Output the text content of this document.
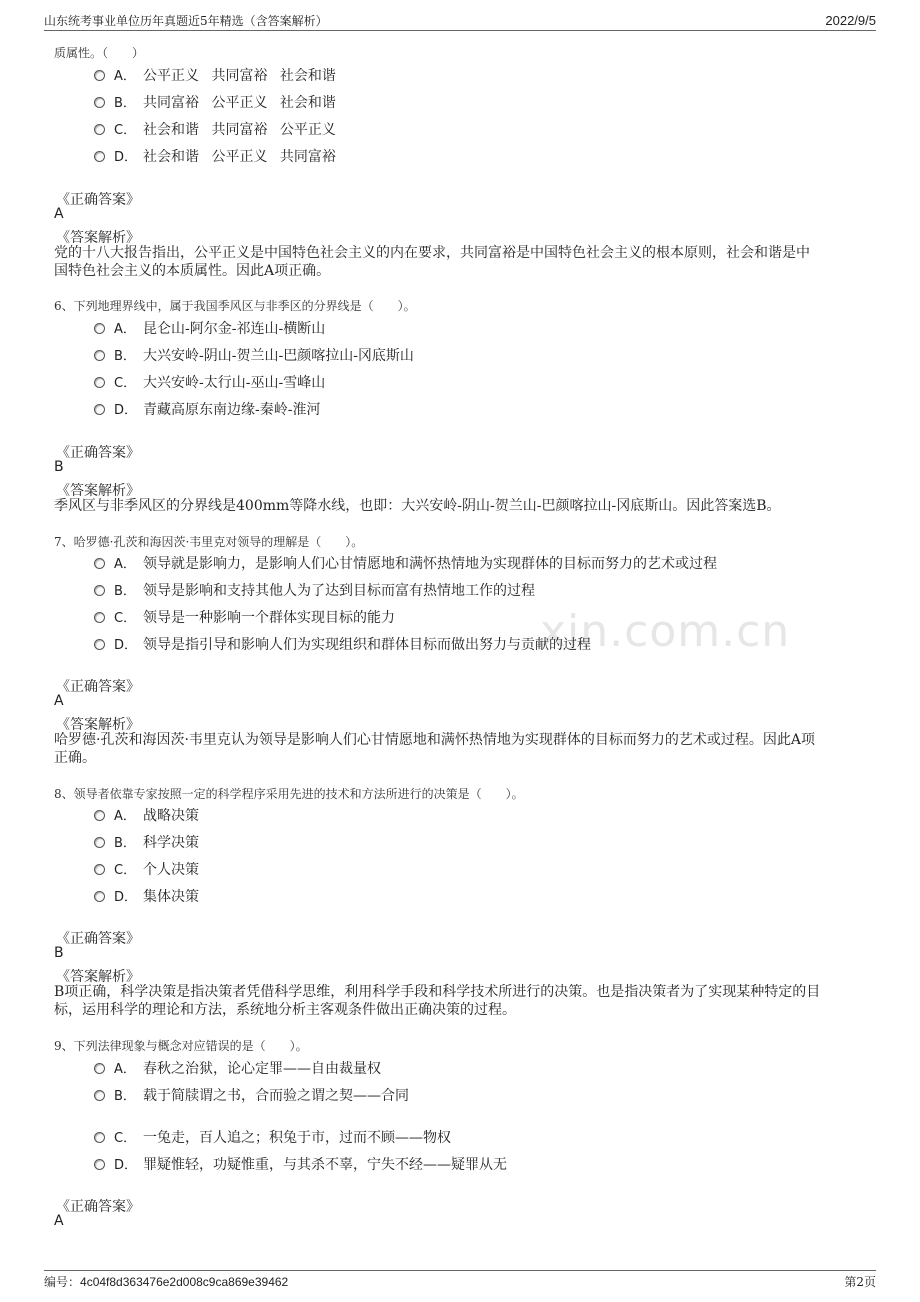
山东统考事业单位历年真题近5年精选（含答案解析）	2022/9/5
xin.com.cn
质属性。（　　）
A． 公平正义 共同富裕 社会和谐
B． 共同富裕 公平正义 社会和谐
C． 社会和谐 共同富裕 公平正义
D． 社会和谐 公平正义 共同富裕
《正确答案》
A
《答案解析》
党的十八大报告指出，公平正义是中国特色社会主义的内在要求，共同富裕是中国特色社会主义的根本原则，社会和谐是中
国特色社会主义的本质属性。因此A项正确。
6、下列地理界线中，属于我国季风区与非季区的分界线是（　　）。
A． 昆仑山-阿尔金-祁连山-横断山
B． 大兴安岭-阴山-贺兰山-巴颜喀拉山-冈底斯山
C． 大兴安岭-太行山-巫山-雪峰山
D． 青藏高原东南边缘-秦岭-淮河
《正确答案》
B
《答案解析》
季风区与非季风区的分界线是400mm等降水线，也即：大兴安岭-阴山-贺兰山-巴颜喀拉山-冈底斯山。因此答案选B。
7、哈罗德·孔茨和海因茨·韦里克对领导的理解是（　　）。
A． 领导就是影响力，是影响人们心甘情愿地和满怀热情地为实现群体的目标而努力的艺术或过程
B． 领导是影响和支持其他人为了达到目标而富有热情地工作的过程
C． 领导是一种影响一个群体实现目标的能力
D． 领导是指引导和影响人们为实现组织和群体目标而做出努力与贡献的过程
《正确答案》
A
《答案解析》
哈罗德·孔茨和海因茨·韦里克认为领导是影响人们心甘情愿地和满怀热情地为实现群体的目标而努力的艺术或过程。因此A项
正确。
8、领导者依靠专家按照一定的科学程序采用先进的技术和方法所进行的决策是（　　）。
A． 战略决策
B． 科学决策
C． 个人决策
D． 集体决策
《正确答案》
B
《答案解析》
B项正确，科学决策是指决策者凭借科学思维，利用科学手段和科学技术所进行的决策。也是指决策者为了实现某种特定的目
标，运用科学的理论和方法，系统地分析主客观条件做出正确决策的过程。
9、下列法律现象与概念对应错误的是（　　）。
A． 春秋之治狱，论心定罪——自由裁量权
B． 载于简牍谓之书，合而验之谓之契——合同
C． 一兔走，百人追之；积兔于市，过而不顾——物权
D． 罪疑惟轻，功疑惟重，与其杀不辜，宁失不经——疑罪从无
《正确答案》
A
编号：4c04f8d363476e2d008c9ca869e39462	第2页
